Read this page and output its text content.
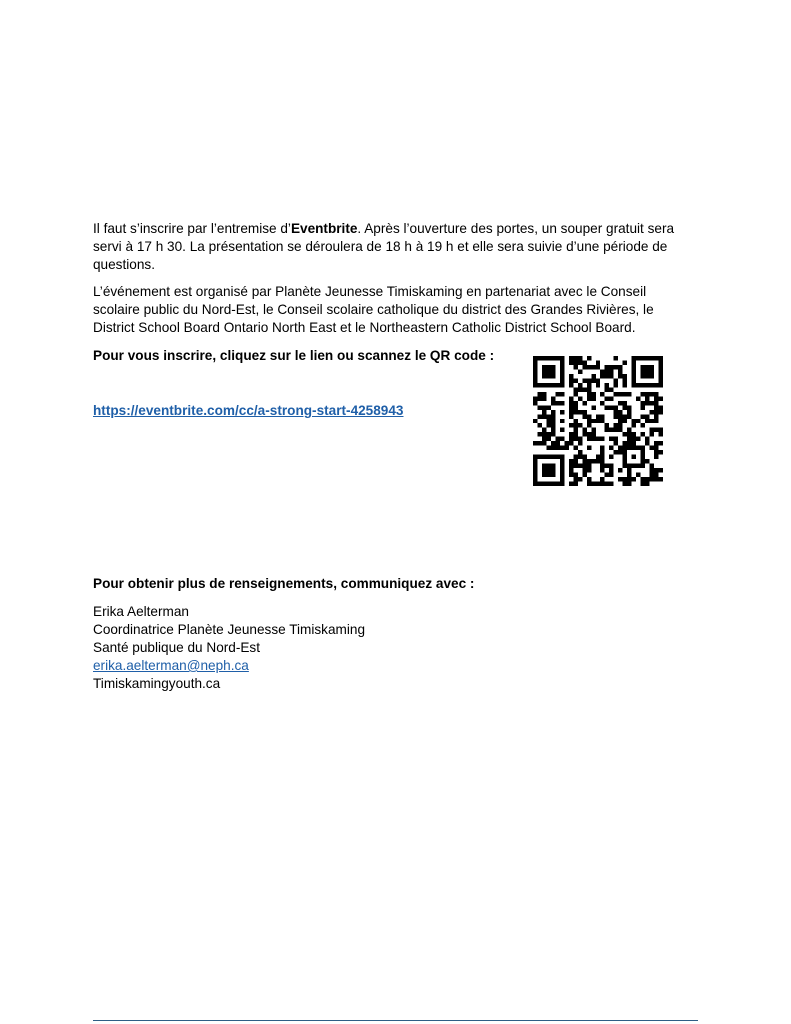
Il faut s’inscrire par l’entremise d’Eventbrite. Après l’ouverture des portes, un souper gratuit sera servi à 17 h 30. La présentation se déroulera de 18 h à 19 h et elle sera suivie d’une période de questions.

L’événement est organisé par Planète Jeunesse Timiskaming en partenariat avec le Conseil scolaire public du Nord-Est, le Conseil scolaire catholique du district des Grandes Rivières, le District School Board Ontario North East et le Northeastern Catholic District School Board.

Pour vous inscrire, cliquez sur le lien ou scannez le QR code :

https://eventbrite.com/cc/a-strong-start-4258943

Pour obtenir plus de renseignements, communiquez avec :

Erika Aelterman
Coordinatrice Planète Jeunesse Timiskaming
Santé publique du Nord-Est
erika.aelterman@neph.ca
Timiskamingyouth.ca
